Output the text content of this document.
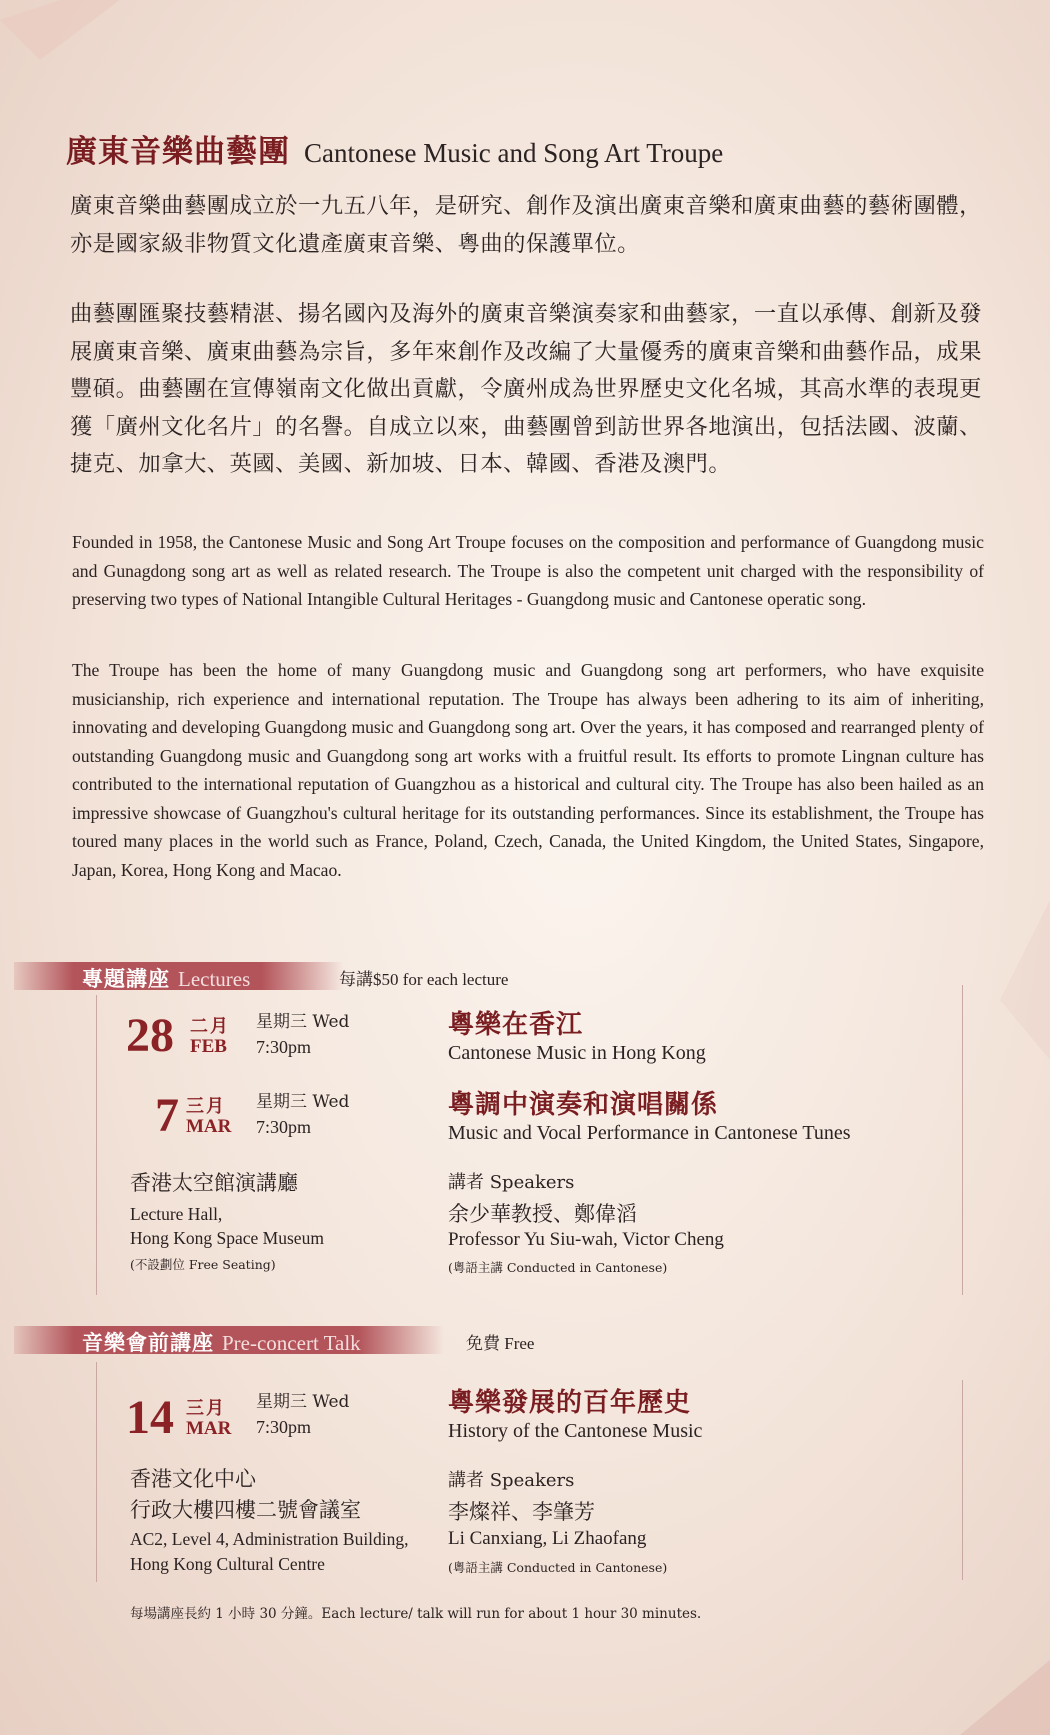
廣東音樂曲藝團 Cantonese Music and Song Art Troupe

廣東音樂曲藝團成立於一九五八年，是研究、創作及演出廣東音樂和廣東曲藝的藝術團體，亦是國家級非物質文化遺產廣東音樂、粵曲的保護單位。

曲藝團匯聚技藝精湛、揚名國內及海外的廣東音樂演奏家和曲藝家，一直以承傳、創新及發展廣東音樂、廣東曲藝為宗旨，多年來創作及改編了大量優秀的廣東音樂和曲藝作品，成果豐碩。曲藝團在宣傳嶺南文化做出貢獻，令廣州成為世界歷史文化名城，其高水準的表現更獲「廣州文化名片」的名譽。自成立以來，曲藝團曾到訪世界各地演出，包括法國、波蘭、捷克、加拿大、英國、美國、新加坡、日本、韓國、香港及澳門。

Founded in 1958, the Cantonese Music and Song Art Troupe focuses on the composition and performance of Guangdong music and Gunagdong song art as well as related research. The Troupe is also the competent unit charged with the responsibility of preserving two types of National Intangible Cultural Heritages - Guangdong music and Cantonese operatic song.

The Troupe has been the home of many Guangdong music and Guangdong song art performers, who have exquisite musicianship, rich experience and international reputation. The Troupe has always been adhering to its aim of inheriting, innovating and developing Guangdong music and Guangdong song art. Over the years, it has composed and rearranged plenty of outstanding Guangdong music and Guangdong song art works with a fruitful result. Its efforts to promote Lingnan culture has contributed to the international reputation of Guangzhou as a historical and cultural city. The Troupe has also been hailed as an impressive showcase of Guangzhou's cultural heritage for its outstanding performances. Since its establishment, the Troupe has toured many places in the world such as France, Poland, Czech, Canada, the United Kingdom, the United States, Singapore, Japan, Korea, Hong Kong and Macao.

專題講座 Lectures	每講$50 for each lecture
28 二月
FEB
星期三 Wed
7:30pm
粵樂在香江
Cantonese Music in Hong Kong
7 三月
MAR
星期三 Wed
7:30pm
粵調中演奏和演唱關係
Music and Vocal Performance in Cantonese Tunes
香港太空館演講廳
Lecture Hall,
Hong Kong Space Museum
(不設劃位 Free Seating)
講者 Speakers
余少華教授、鄭偉滔
Professor Yu Siu-wah, Victor Cheng
(粵語主講 Conducted in Cantonese)
音樂會前講座 Pre-concert Talk	免費 Free
14 三月
MAR
星期三 Wed
7:30pm
粵樂發展的百年歷史
History of the Cantonese Music
香港文化中心
行政大樓四樓二號會議室
AC2, Level 4, Administration Building,
Hong Kong Cultural Centre
講者 Speakers
李燦祥、李肇芳
Li Canxiang, Li Zhaofang
(粵語主講 Conducted in Cantonese)
每場講座長約 1 小時 30 分鐘。Each lecture/ talk will run for about 1 hour 30 minutes.
